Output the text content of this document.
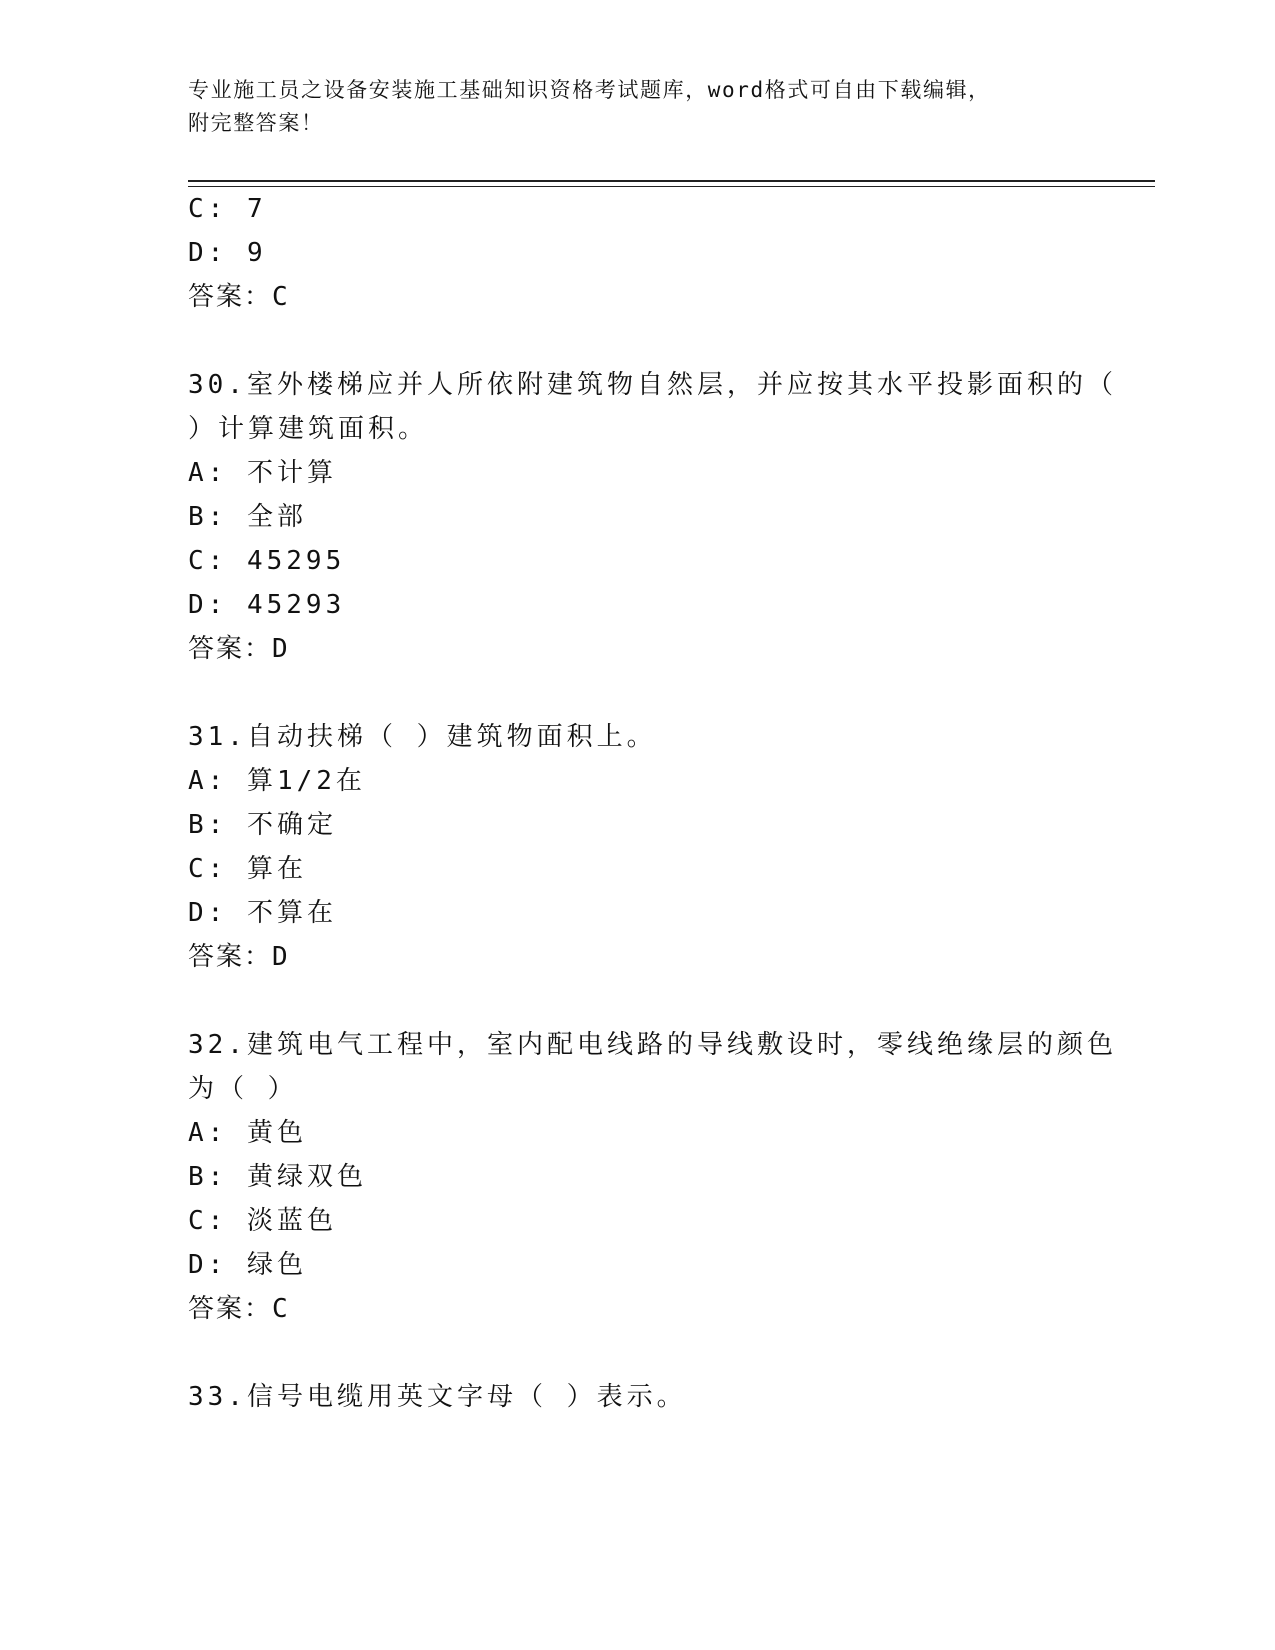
专业施工员之设备安装施工基础知识资格考试题库，word格式可自由下载编辑，
附完整答案！
C: 7
D: 9
答案：C
30.室外楼梯应并人所依附建筑物自然层，并应按其水平投影面积的（
）计算建筑面积。
A: 不计算
B: 全部
C: 45295
D: 45293
答案：D
31.自动扶梯（ ）建筑物面积上。
A: 算1/2在
B: 不确定
C: 算在
D: 不算在
答案：D
32.建筑电气工程中，室内配电线路的导线敷设时，零线绝缘层的颜色
为（ ）
A: 黄色
B: 黄绿双色
C: 淡蓝色
D: 绿色
答案：C
33.信号电缆用英文字母（ ）表示。
